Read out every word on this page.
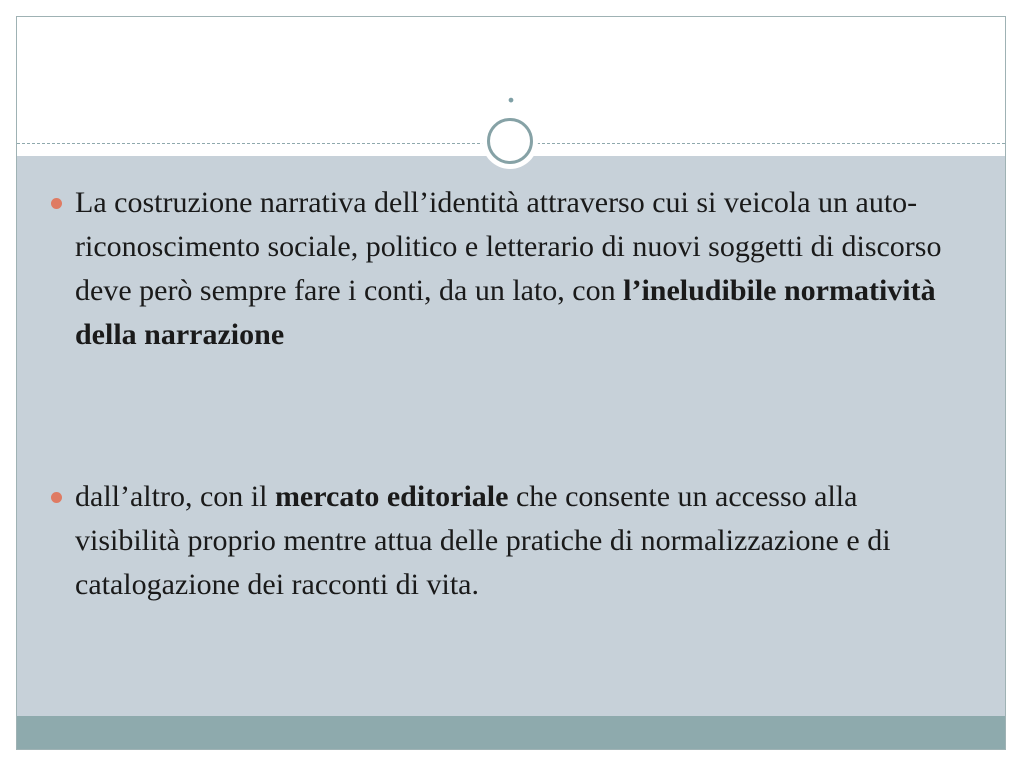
.
La costruzione narrativa dell’identità attraverso cui si veicola un auto-riconoscimento sociale, politico e letterario di nuovi soggetti di discorso deve però sempre fare i conti, da un lato, con l’ineludibile normatività della narrazione
dall’altro, con il mercato editoriale che consente un accesso alla visibilità proprio mentre attua delle pratiche di normalizzazione e di catalogazione dei racconti di vita.
